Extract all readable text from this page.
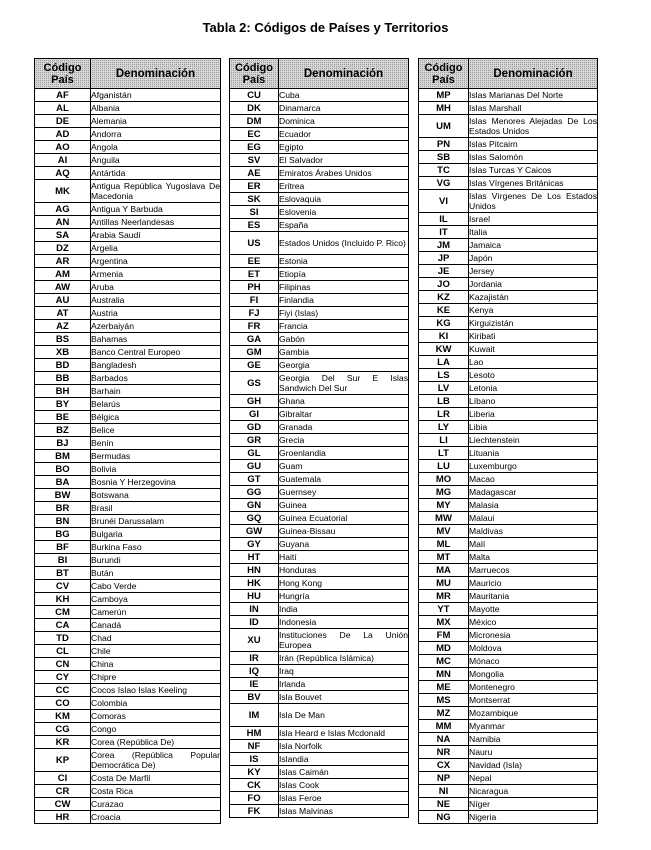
Tabla 2: Códigos de Países y Territorios
Código
País	Denominación
AF	Afganistán
AL	Albania
DE	Alemania
AD	Andorra
AO	Angola
AI	Anguila
AQ	Antártida
MK	Antigua República Yugoslava De Macedonia
AG	Antigua Y Barbuda
AN	Antillas Neerlandesas
SA	Arabia Saudí
DZ	Argelia
AR	Argentina
AM	Armenia
AW	Aruba
AU	Australia
AT	Austria
AZ	Azerbaiyán
BS	Bahamas
XB	Banco Central Europeo
BD	Bangladesh
BB	Barbados
BH	Barhain
BY	Belarús
BE	Bélgica
BZ	Belice
BJ	Benín
BM	Bermudas
BO	Bolivia
BA	Bosnia Y Herzegovina
BW	Botswana
BR	Brasil
BN	Brunéi Darussalam
BG	Bulgaria
BF	Burkina Faso
BI	Burundi
BT	Bután
CV	Cabo Verde
KH	Camboya
CM	Camerún
CA	Canadá
TD	Chad
CL	Chile
CN	China
CY	Chipre
CC	Cocos Islao Islas Keeling
CO	Colombia
KM	Comoras
CG	Congo
KR	Corea (República De)
KP	Corea (República Popular Democrática De)
CI	Costa De Marfil
CR	Costa Rica
CW	Curazao
HR	Croacia
Código
País	Denominación
CU	Cuba
DK	Dinamarca
DM	Dominica
EC	Ecuador
EG	Egipto
SV	El Salvador
AE	Emiratos Árabes Unidos
ER	Eritrea
SK	Eslovaquia
SI	Eslovenia
ES	España
US	Estados Unidos (Incluido P. Rico)
EE	Estonia
ET	Etiopía
PH	Filipinas
FI	Finlandia
FJ	Fiyi (Islas)
FR	Francia
GA	Gabón
GM	Gambia
GE	Georgia
GS	Georgia Del Sur E Islas Sandwich Del Sur
GH	Ghana
GI	Gibraltar
GD	Granada
GR	Grecia
GL	Groenlandia
GU	Guam
GT	Guatemala
GG	Guernsey
GN	Guinea
GQ	Guinea Ecuatorial
GW	Guinea-Bissau
GY	Guyana
HT	Haití
HN	Honduras
HK	Hong Kong
HU	Hungría
IN	India
ID	Indonesia
XU	Instituciones De La Unión Europea
IR	Irán (República Islámica)
IQ	Iraq
IE	Irlanda
BV	Isla Bouvet
IM	Isla De Man
HM	Isla Heard e Islas Mcdonald
NF	Isla Norfolk
IS	Islandia
KY	Islas Caimán
CK	Islas Cook
FO	Islas Feroe
FK	Islas Malvinas
Código
País	Denominación
MP	Islas Marianas Del Norte
MH	Islas Marshall
UM	Islas Menores Alejadas De Los Estados Unidos
PN	Islas Pitcairn
SB	Islas Salomón
TC	Islas Turcas Y Caicos
VG	Islas Vírgenes Británicas
VI	Islas Vírgenes De Los Estados Unidos
IL	Israel
IT	Italia
JM	Jamaica
JP	Japón
JE	Jersey
JO	Jordania
KZ	Kazajistán
KE	Kenya
KG	Kirguizistán
KI	Kiribati
KW	Kuwait
LA	Lao
LS	Lesoto
LV	Letonia
LB	Líbano
LR	Liberia
LY	Libia
LI	Liechtenstein
LT	Lituania
LU	Luxemburgo
MO	Macao
MG	Madagascar
MY	Malasia
MW	Malaui
MV	Maldivas
ML	Malí
MT	Malta
MA	Marruecos
MU	Mauricio
MR	Mauritania
YT	Mayotte
MX	México
FM	Micronesia
MD	Moldova
MC	Mónaco
MN	Mongolia
ME	Montenegro
MS	Montserrat
MZ	Mozambique
MM	Myanmar
NA	Namibia
NR	Nauru
CX	Navidad (Isla)
NP	Nepal
NI	Nicaragua
NE	Níger
NG	Nigeria
